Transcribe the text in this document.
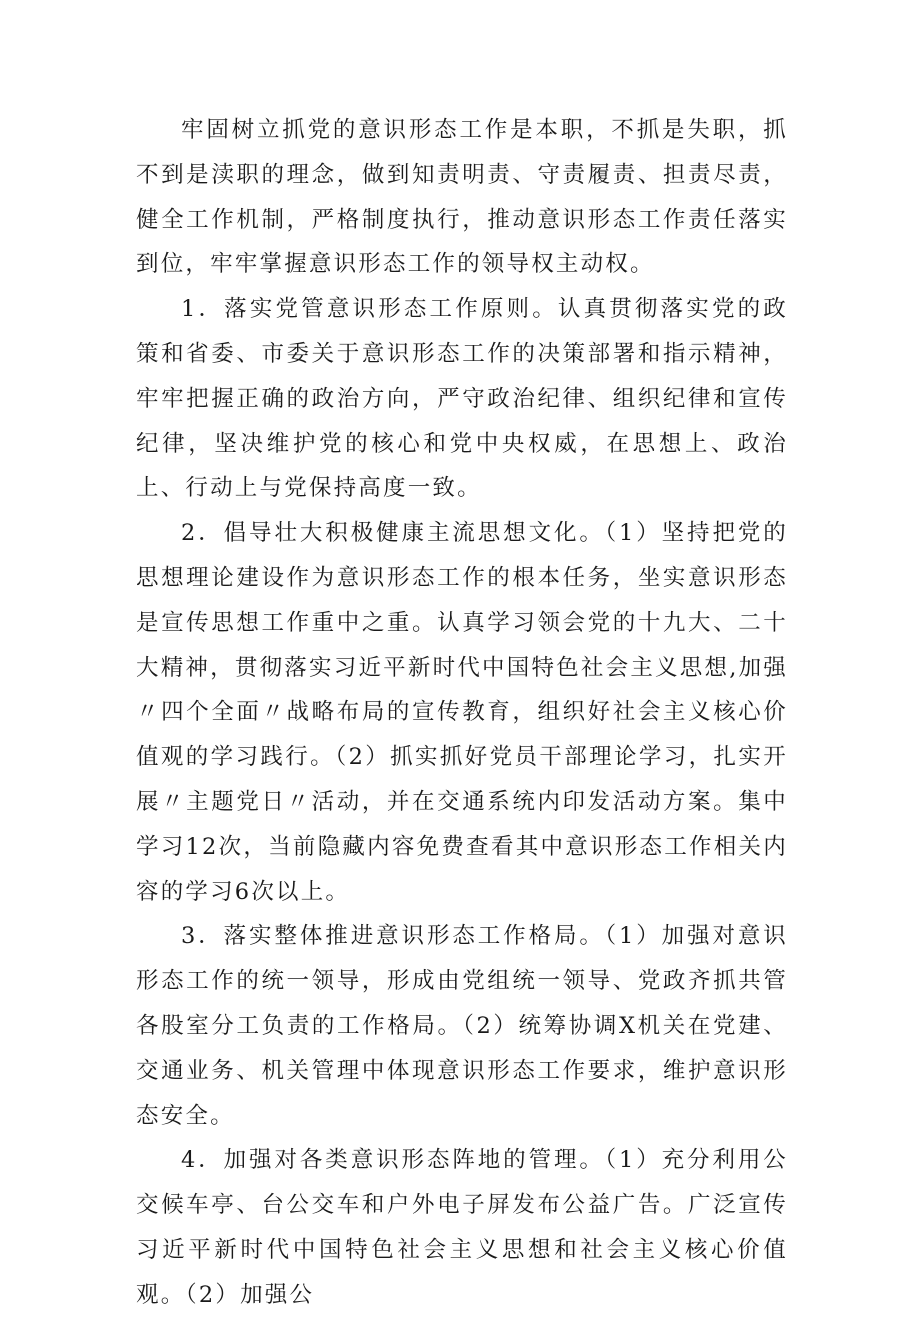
牢固树立抓党的意识形态工作是本职，不抓是失职，抓不到是渎职的理念，做到知责明责、守责履责、担责尽责，健全工作机制，严格制度执行，推动意识形态工作责任落实到位，牢牢掌握意识形态工作的领导权主动权。

1．落实党管意识形态工作原则。认真贯彻落实党的政策和省委、市委关于意识形态工作的决策部署和指示精神，牢牢把握正确的政治方向，严守政治纪律、组织纪律和宣传纪律，坚决维护党的核心和党中央权威，在思想上、政治上、行动上与党保持高度一致。

2．倡导壮大积极健康主流思想文化。（1）坚持把党的思想理论建设作为意识形态工作的根本任务，坐实意识形态是宣传思想工作重中之重。认真学习领会党的十九大、二十大精神，贯彻落实习近平新时代中国特色社会主义思想,加强〃四个全面〃战略布局的宣传教育，组织好社会主义核心价值观的学习践行。（2）抓实抓好党员干部理论学习，扎实开展〃主题党日〃活动，并在交通系统内印发活动方案。集中学习12次，当前隐藏内容免费查看其中意识形态工作相关内容的学习6次以上。

3．落实整体推进意识形态工作格局。（1）加强对意识形态工作的统一领导，形成由党组统一领导、党政齐抓共管各股室分工负责的工作格局。（2）统筹协调X机关在党建、交通业务、机关管理中体现意识形态工作要求，维护意识形态安全。

4．加强对各类意识形态阵地的管理。（1）充分利用公交候车亭、台公交车和户外电子屏发布公益广告。广泛宣传习近平新时代中国特色社会主义思想和社会主义核心价值观。（2）加强公
